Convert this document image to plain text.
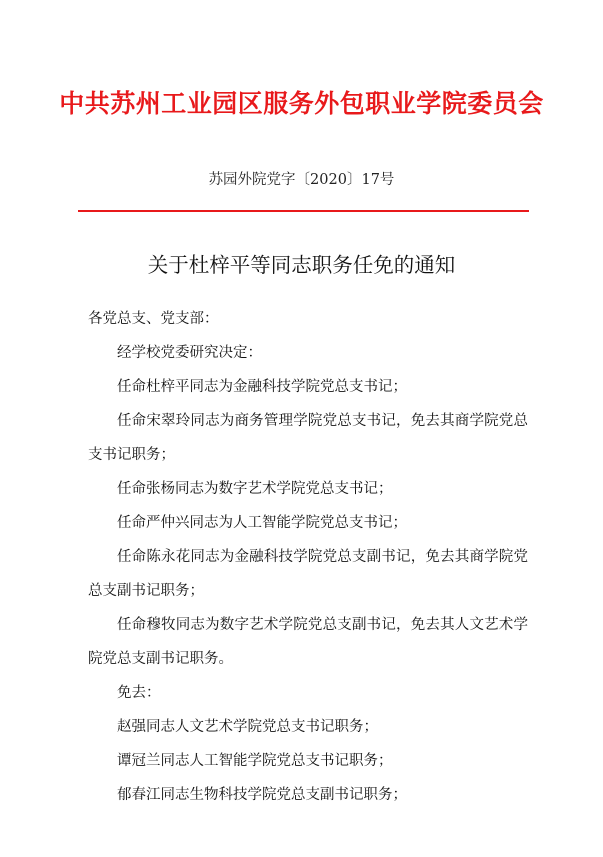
中共苏州工业园区服务外包职业学院委员会
苏园外院党字〔2020〕17号
关于杜梓平等同志职务任免的通知

各党总支、党支部：

经学校党委研究决定：

任命杜梓平同志为金融科技学院党总支书记；

任命宋翠玲同志为商务管理学院党总支书记，免去其商学院党总支书记职务；

任命张杨同志为数字艺术学院党总支书记；

任命严仲兴同志为人工智能学院党总支书记；

任命陈永花同志为金融科技学院党总支副书记，免去其商学院党总支副书记职务；

任命穆牧同志为数字艺术学院党总支副书记，免去其人文艺术学院党总支副书记职务。

免去：

赵强同志人文艺术学院党总支书记职务；

谭冠兰同志人工智能学院党总支书记职务；

郁春江同志生物科技学院党总支副书记职务；
